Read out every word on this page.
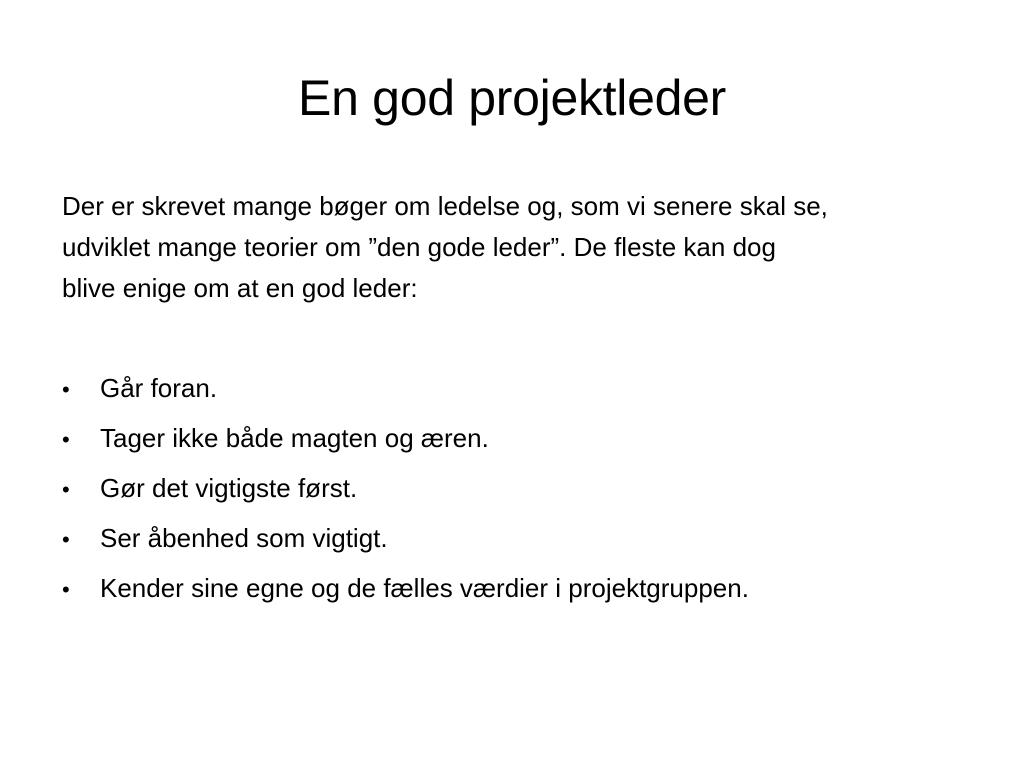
En god projektleder

Der er skrevet mange bøger om ledelse og, som vi senere skal se,
udviklet mange teorier om ”den gode leder”. De fleste kan dog
blive enige om at en god leder:

•	Går foran.
•	Tager ikke både magten og æren.
•	Gør det vigtigste først.
•	Ser åbenhed som vigtigt.
•	Kender sine egne og de fælles værdier i projektgruppen.
